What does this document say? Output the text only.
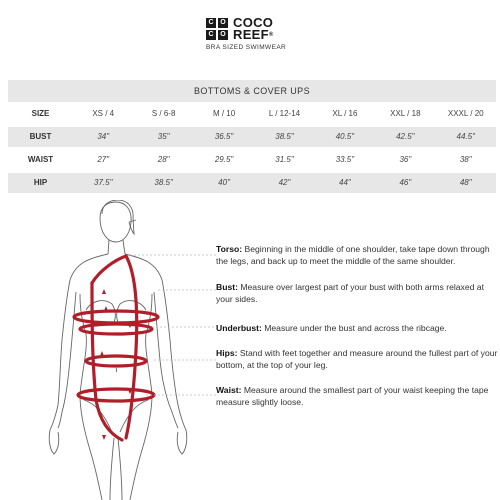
C O
C O
COCO
REEF®
BRA SIZED SWIMWEAR
BOTTOMS & COVER UPS
SIZE	XS / 4	S / 6-8	M / 10	L / 12-14	XL / 16	XXL / 18	XXXL / 20
BUST	34"	35"	36.5"	38.5"	40.5"	42.5"	44.5"
WAIST	27"	28"	29.5"	31.5"	33.5"	36"	38"
HIP	37.5"	38.5"	40"	42"	44"	46"	48"
Torso: Beginning in the middle of one shoulder, take tape down through the legs, and back up to meet the middle of the same shoulder.
Bust: Measure over largest part of your bust with both arms relaxed at your sides.
Underbust: Measure under the bust and across the ribcage.
Hips: Stand with feet together and measure around the fullest part of your bottom, at the top of your leg.
Waist: Measure around the smallest part of your waist keeping the tape measure slightly loose.
